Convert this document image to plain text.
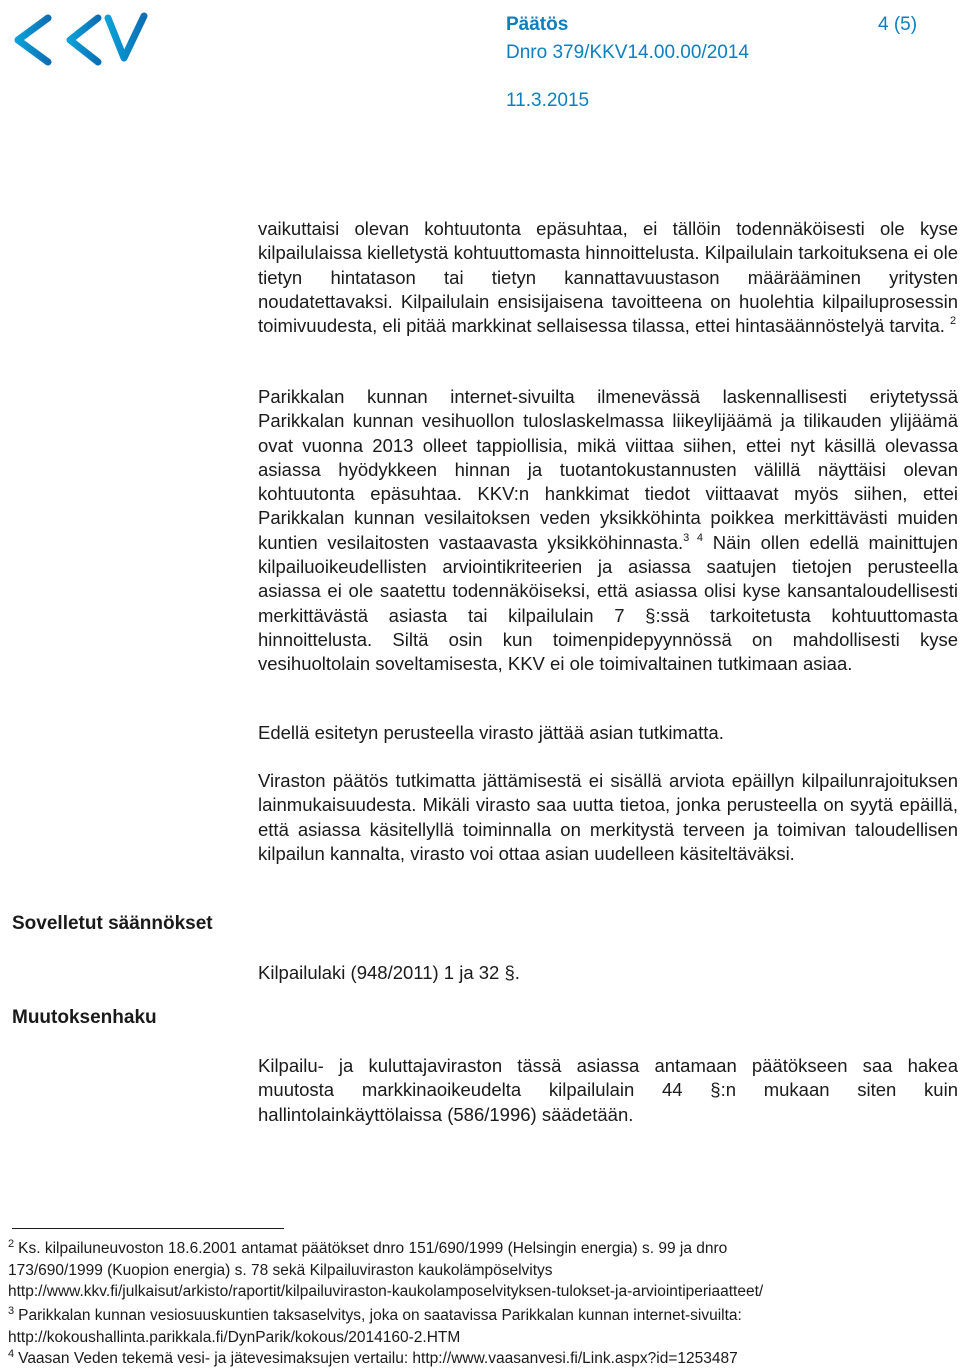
Päätös	4 (5)
Dnro 379/KKV14.00.00/2014
11.3.2015

vaikuttaisi olevan kohtuutonta epäsuhtaa, ei tällöin todennäköisesti ole kyse kilpailulaissa kielletystä kohtuuttomasta hinnoittelusta. Kilpailulain tarkoituksena ei ole tietyn hintatason tai tietyn kannattavuustason määrääminen yritysten noudatettavaksi. Kilpailulain ensisijaisena tavoitteena on huolehtia kilpailuprosessin toimivuudesta, eli pitää markkinat sellaisessa tilassa, ettei hintasäännöstelyä tarvita. $^2$

Parikkalan kunnan internet-sivuilta ilmenevässä laskennallisesti eriytetyssä Parikkalan kunnan vesihuollon tuloslaskelmassa liikeylijäämä ja tilikauden ylijäämä ovat vuonna 2013 olleet tappiollisia, mikä viittaa siihen, ettei nyt käsillä olevassa asiassa hyödykkeen hinnan ja tuotantokustannusten välillä näyttäisi olevan kohtuutonta epäsuhtaa. KKV:n hankkimat tiedot viittaavat myös siihen, ettei Parikkalan kunnan vesilaitoksen veden yksikköhinta poikkea merkittävästi muiden kuntien vesilaitosten vastaavasta yksikköhinnasta.$^{3 4}$ Näin ollen edellä mainittujen kilpailuoikeudellisten arviointikriteerien ja asiassa saatujen tietojen perusteella asiassa ei ole saatettu todennäköiseksi, että asiassa olisi kyse kansantaloudellisesti merkittävästä asiasta tai kilpailulain 7 §:ssä tarkoitetusta kohtuuttomasta hinnoittelusta. Siltä osin kun toimenpidepyynnössä on mahdollisesti kyse vesihuoltolain soveltamisesta, KKV ei ole toimivaltainen tutkimaan asiaa.

Edellä esitetyn perusteella virasto jättää asian tutkimatta.

Viraston päätös tutkimatta jättämisestä ei sisällä arviota epäillyn kilpailunrajoituksen lainmukaisuudesta. Mikäli virasto saa uutta tietoa, jonka perusteella on syytä epäillä, että asiassa käsitellyllä toiminnalla on merkitystä terveen ja toimivan taloudellisen kilpailun kannalta, virasto voi ottaa asian uudelleen käsiteltäväksi.

Sovelletut säännökset

Kilpailulaki (948/2011) 1 ja 32 §.

Muutoksenhaku

Kilpailu- ja kuluttajaviraston tässä asiassa antamaan päätökseen saa hakea muutosta markkinaoikeudelta kilpailulain 44 §:n mukaan siten kuin hallintolainkäyttölaissa (586/1996) säädetään.

$^2$ Ks. kilpailuneuvoston 18.6.2001 antamat päätökset dnro 151/690/1999 (Helsingin energia) s. 99 ja dnro
173/690/1999 (Kuopion energia) s. 78 sekä Kilpailuviraston kaukolämpöselvitys
http://www.kkv.fi/julkaisut/arkisto/raportit/kilpailuviraston-kaukolamposelvityksen-tulokset-ja-arviointiperiaatteet/
$^3$ Parikkalan kunnan vesiosuuskuntien taksaselvitys, joka on saatavissa Parikkalan kunnan internet-sivuilta:
http://kokoushallinta.parikkala.fi/DynParik/kokous/2014160-2.HTM
$^4$ Vaasan Veden tekemä vesi- ja jätevesimaksujen vertailu: http://www.vaasanvesi.fi/Link.aspx?id=1253487
